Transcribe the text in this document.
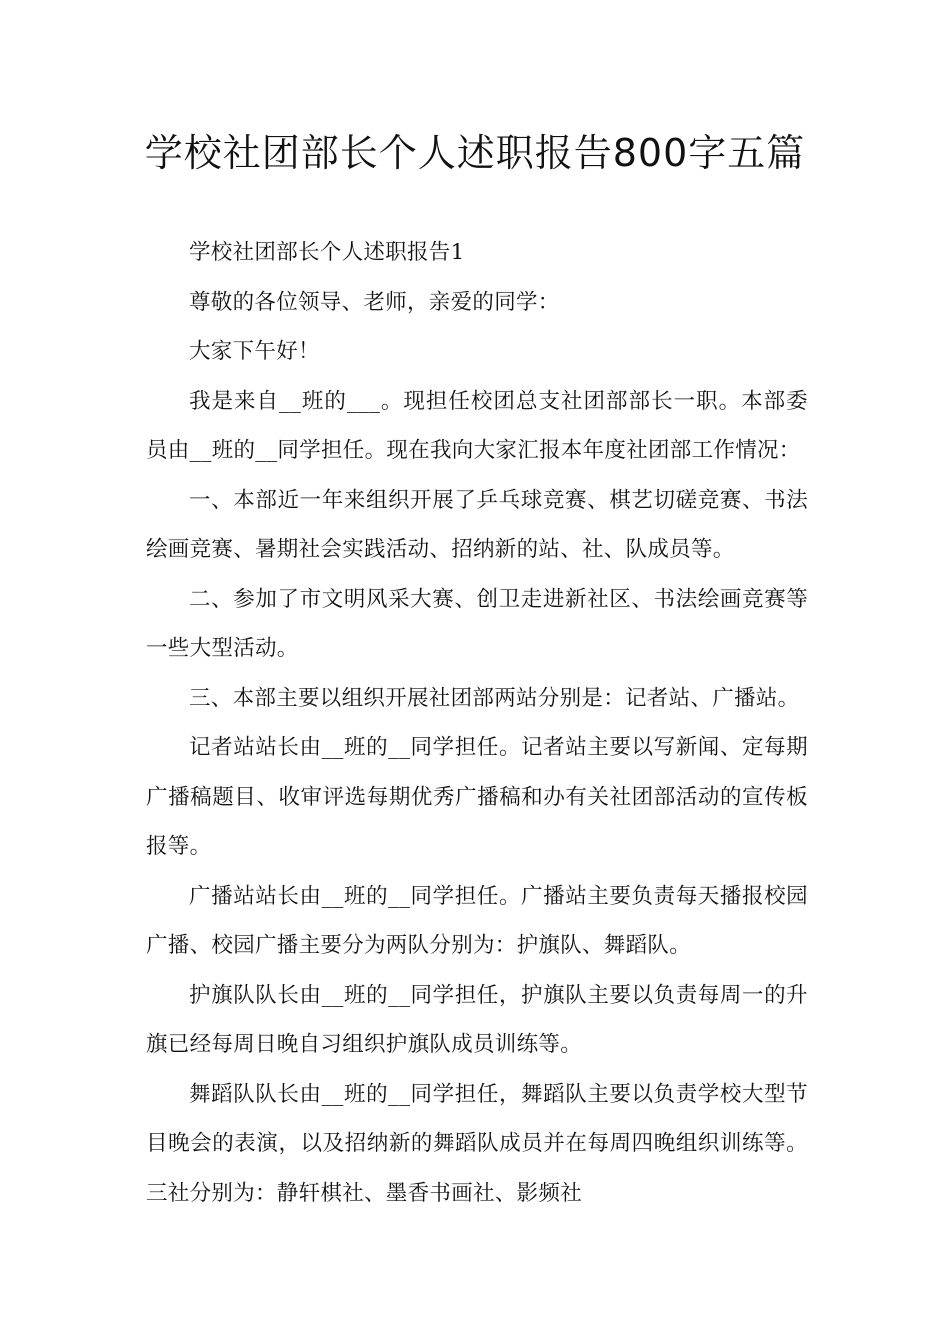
学校社团部长个人述职报告800字五篇

学校社团部长个人述职报告1

尊敬的各位领导、老师，亲爱的同学：

大家下午好！

我是来自__班的___。现担任校团总支社团部部长一职。本部委员由__班的__同学担任。现在我向大家汇报本年度社团部工作情况：

一、本部近一年来组织开展了乒乓球竞赛、棋艺切磋竞赛、书法绘画竞赛、暑期社会实践活动、招纳新的站、社、队成员等。

二、参加了市文明风采大赛、创卫走进新社区、书法绘画竞赛等一些大型活动。

三、本部主要以组织开展社团部两站分别是：记者站、广播站。

记者站站长由__班的__同学担任。记者站主要以写新闻、定每期广播稿题目、收审评选每期优秀广播稿和办有关社团部活动的宣传板报等。

广播站站长由__班的__同学担任。广播站主要负责每天播报校园广播、校园广播主要分为两队分别为：护旗队、舞蹈队。

护旗队队长由__班的__同学担任，护旗队主要以负责每周一的升旗已经每周日晚自习组织护旗队成员训练等。

舞蹈队队长由__班的__同学担任，舞蹈队主要以负责学校大型节目晚会的表演，以及招纳新的舞蹈队成员并在每周四晚组织训练等。三社分别为：静轩棋社、墨香书画社、影频社
